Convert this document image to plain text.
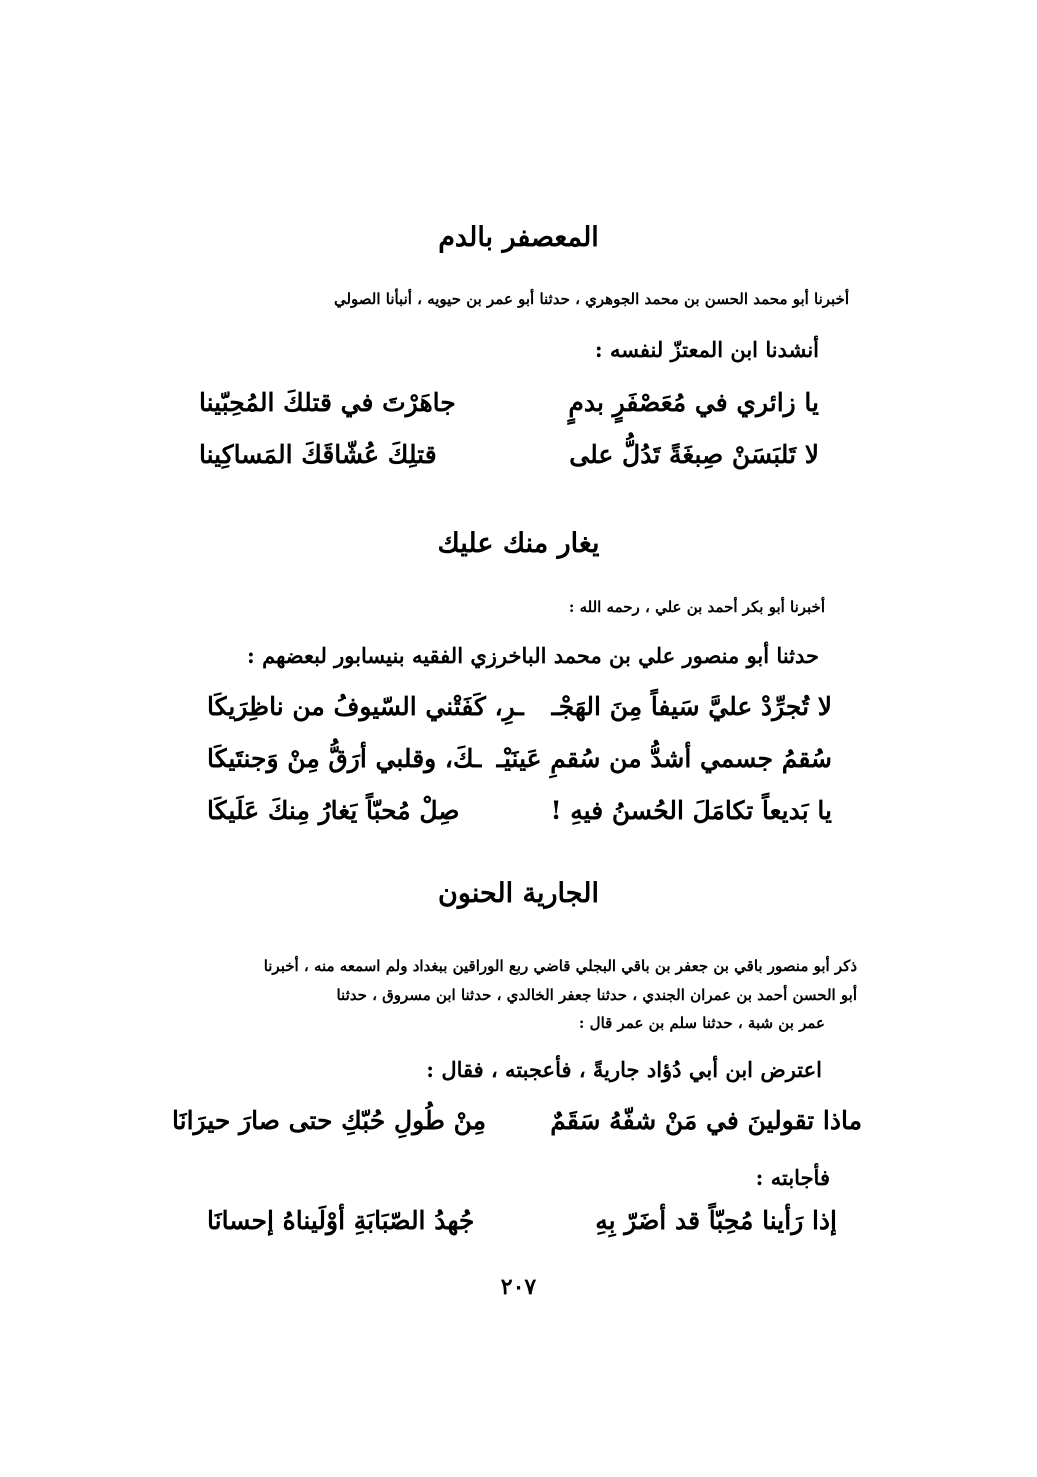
المعصفر بالدم
أخبرنا أبو محمد الحسن بن محمد الجوهري ، حدثنا أبو عمر بن حيويه ، أنبأنا الصولي
أنشدنا ابن المعتزّ لنفسه :
يا زائري في مُعَصْفَرٍ بدمٍ
جاهَرْتَ في قتلكَ المُحِبّينا
لا تَلبَسَنْ صِبغَةً تَدُلُّ على
قتلِكَ عُشّاقَكَ المَساكِينا
يغار منك عليك
أخبرنا أبو بكر أحمد بن علي ، رحمه الله :
حدثنا أبو منصور علي بن محمد الباخرزي الفقيه بنيسابور لبعضهم :
لا تُجرِّدْ عليَّ سَيفاً مِنَ الهَجْـ
ـرِ، كَفَتْني السّيوفُ من ناظِرَيكَا
سُقمُ جسمي أشدُّ من سُقمِ عَينَيْـ
ـكَ، وقلبي أرَقُّ مِنْ وَجنتَيكَا
يا بَديعاً تكامَلَ الحُسنُ فيهِ !
صِلْ مُحبّاً يَغارُ مِنكَ عَلَيكَا
الجارية الحنون
ذكر أبو منصور باقي بن جعفر بن باقي البجلي قاضي ربع الوراقين ببغداد ولم اسمعه منه ، أخبرنا
أبو الحسن أحمد بن عمران الجندي ، حدثنا جعفر الخالدي ، حدثنا ابن مسروق ، حدثنا
عمر بن شبة ، حدثنا سلم بن عمر قال :
اعترض ابن أبي دُؤاد جاريةً ، فأعجبته ، فقال :
ماذا تقولينَ في مَنْ شفّهُ سَقَمٌ
مِنْ طُولِ حُبّكِ حتى صارَ حيرَانَا
فأجابته :
إذا رَأينا مُحِبّاً قد أضَرّ بِهِ
جُهدُ الصّبَابَةِ أوْلَيناهُ إحسانَا
٢٠٧
